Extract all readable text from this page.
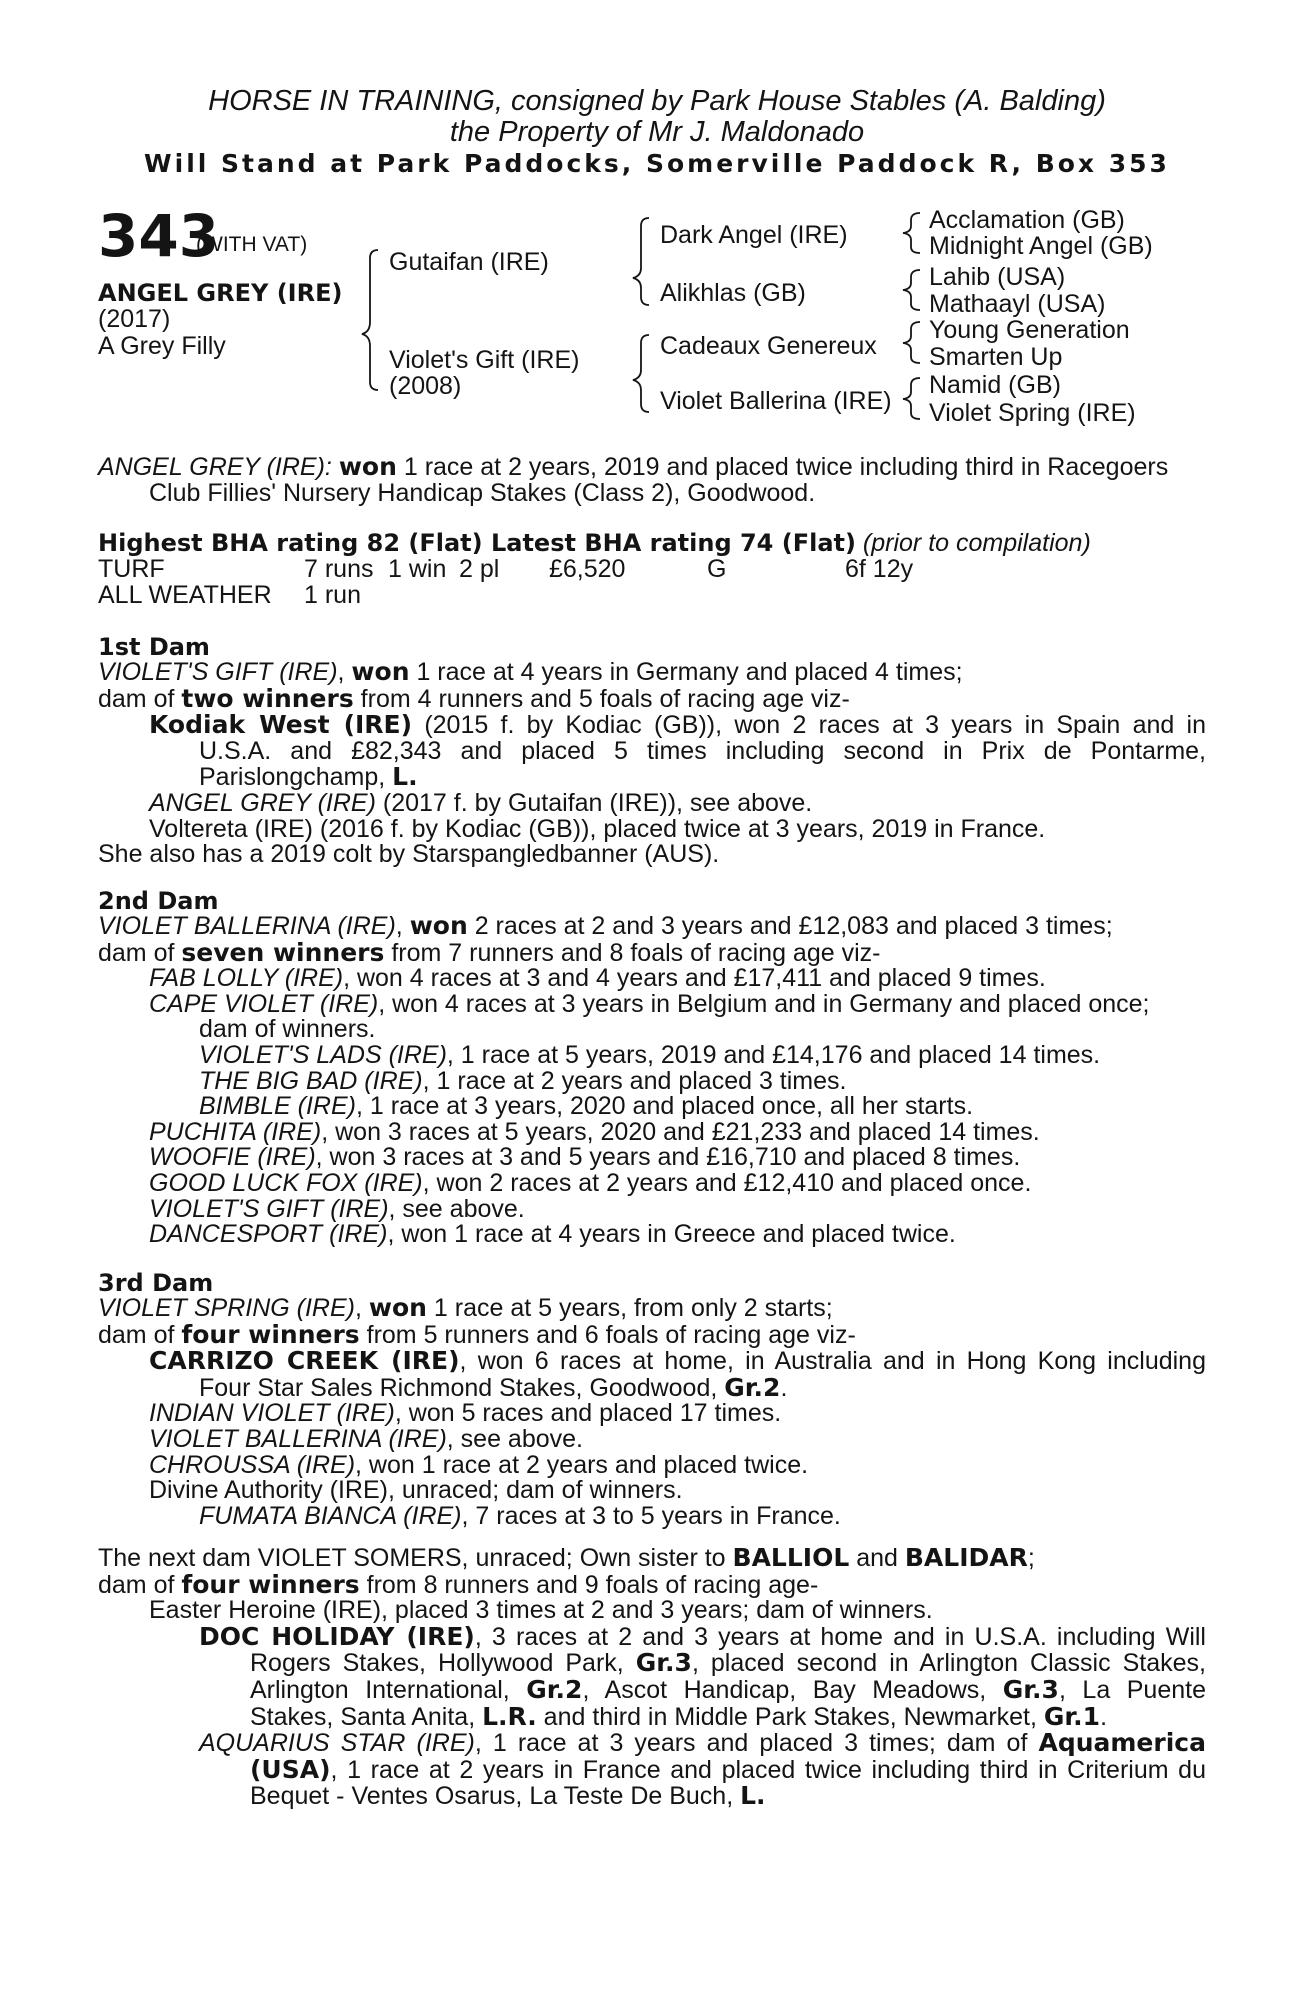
HORSE IN TRAINING, consigned by Park House Stables (A. Balding)
the Property of Mr J. Maldonado
Will Stand at Park Paddocks, Somerville Paddock R, Box 353
343
(WITH VAT)
ANGEL GREY (IRE)
(2017)
A Grey Filly
Gutaifan (IRE)
Violet's Gift (IRE)
(2008)
Dark Angel (IRE)
Alikhlas (GB)
Cadeaux Genereux
Violet Ballerina (IRE)
Acclamation (GB)
Midnight Angel (GB)
Lahib (USA)
Mathaayl (USA)
Young Generation
Smarten Up
Namid (GB)
Violet Spring (IRE)
ANGEL GREY (IRE): won 1 race at 2 years, 2019 and placed twice including third in Racegoers
Club Fillies' Nursery Handicap Stakes (Class 2), Goodwood.
Highest BHA rating 82 (Flat) Latest BHA rating 74 (Flat) (prior to compilation)
TURF	7 runs 1 win 2 pl £6,520	G	6f 12y
ALL WEATHER 1 run
1st Dam
VIOLET'S GIFT (IRE), won 1 race at 4 years in Germany and placed 4 times;
dam of two winners from 4 runners and 5 foals of racing age viz-
Kodiak West (IRE) (2015 f. by Kodiac (GB)), won 2 races at 3 years in Spain and in
U.S.A. and £82,343 and placed 5 times including second in Prix de Pontarme,
Parislongchamp, L.
ANGEL GREY (IRE) (2017 f. by Gutaifan (IRE)), see above.
Voltereta (IRE) (2016 f. by Kodiac (GB)), placed twice at 3 years, 2019 in France.
She also has a 2019 colt by Starspangledbanner (AUS).
2nd Dam
VIOLET BALLERINA (IRE), won 2 races at 2 and 3 years and £12,083 and placed 3 times;
dam of seven winners from 7 runners and 8 foals of racing age viz-
FAB LOLLY (IRE), won 4 races at 3 and 4 years and £17,411 and placed 9 times.
CAPE VIOLET (IRE), won 4 races at 3 years in Belgium and in Germany and placed once;
dam of winners.
VIOLET'S LADS (IRE), 1 race at 5 years, 2019 and £14,176 and placed 14 times.
THE BIG BAD (IRE), 1 race at 2 years and placed 3 times.
BIMBLE (IRE), 1 race at 3 years, 2020 and placed once, all her starts.
PUCHITA (IRE), won 3 races at 5 years, 2020 and £21,233 and placed 14 times.
WOOFIE (IRE), won 3 races at 3 and 5 years and £16,710 and placed 8 times.
GOOD LUCK FOX (IRE), won 2 races at 2 years and £12,410 and placed once.
VIOLET'S GIFT (IRE), see above.
DANCESPORT (IRE), won 1 race at 4 years in Greece and placed twice.
3rd Dam
VIOLET SPRING (IRE), won 1 race at 5 years, from only 2 starts;
dam of four winners from 5 runners and 6 foals of racing age viz-
CARRIZO CREEK (IRE), won 6 races at home, in Australia and in Hong Kong including
Four Star Sales Richmond Stakes, Goodwood, Gr.2.
INDIAN VIOLET (IRE), won 5 races and placed 17 times.
VIOLET BALLERINA (IRE), see above.
CHROUSSA (IRE), won 1 race at 2 years and placed twice.
Divine Authority (IRE), unraced; dam of winners.
FUMATA BIANCA (IRE), 7 races at 3 to 5 years in France.
The next dam VIOLET SOMERS, unraced; Own sister to BALLIOL and BALIDAR;
dam of four winners from 8 runners and 9 foals of racing age-
Easter Heroine (IRE), placed 3 times at 2 and 3 years; dam of winners.
DOC HOLIDAY (IRE), 3 races at 2 and 3 years at home and in U.S.A. including Will
Rogers Stakes, Hollywood Park, Gr.3, placed second in Arlington Classic Stakes,
Arlington International, Gr.2, Ascot Handicap, Bay Meadows, Gr.3, La Puente
Stakes, Santa Anita, L.R. and third in Middle Park Stakes, Newmarket, Gr.1.
AQUARIUS STAR (IRE), 1 race at 3 years and placed 3 times; dam of Aquamerica
(USA), 1 race at 2 years in France and placed twice including third in Criterium du
Bequet - Ventes Osarus, La Teste De Buch, L.
